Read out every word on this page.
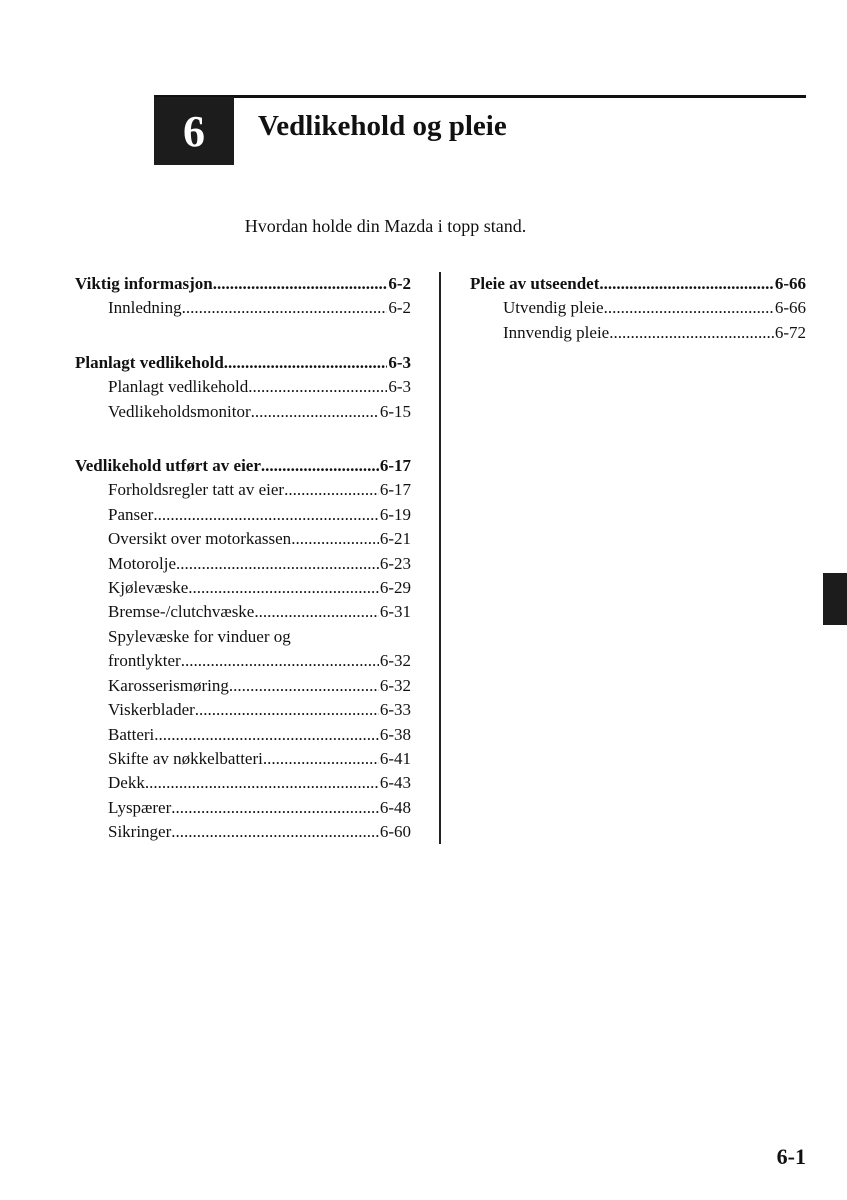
6 Vedlikehold og pleie
Hvordan holde din Mazda i topp stand.
Viktig informasjon .....	6-2
Innledning .....	6-2
Planlagt vedlikehold .....	6-3
Planlagt vedlikehold .....	6-3
Vedlikeholdsmonitor .....	6-15
Vedlikehold utført av eier .....	6-17
Forholdsregler tatt av eier .....	6-17
Panser .....	6-19
Oversikt over motorkassen .....	6-21
Motorolje .....	6-23
Kjølevæske .....	6-29
Bremse-/clutchvæske .....	6-31
Spylevæske for vinduer og
frontlykter .....	6-32
Karosserismøring .....	6-32
Viskerblader .....	6-33
Batteri .....	6-38
Skifte av nøkkelbatteri .....	6-41
Dekk .....	6-43
Lyspærer .....	6-48
Sikringer .....	6-60
Pleie av utseendet .....	6-66
Utvendig pleie .....	6-66
Innvendig pleie .....	6-72
6-1
